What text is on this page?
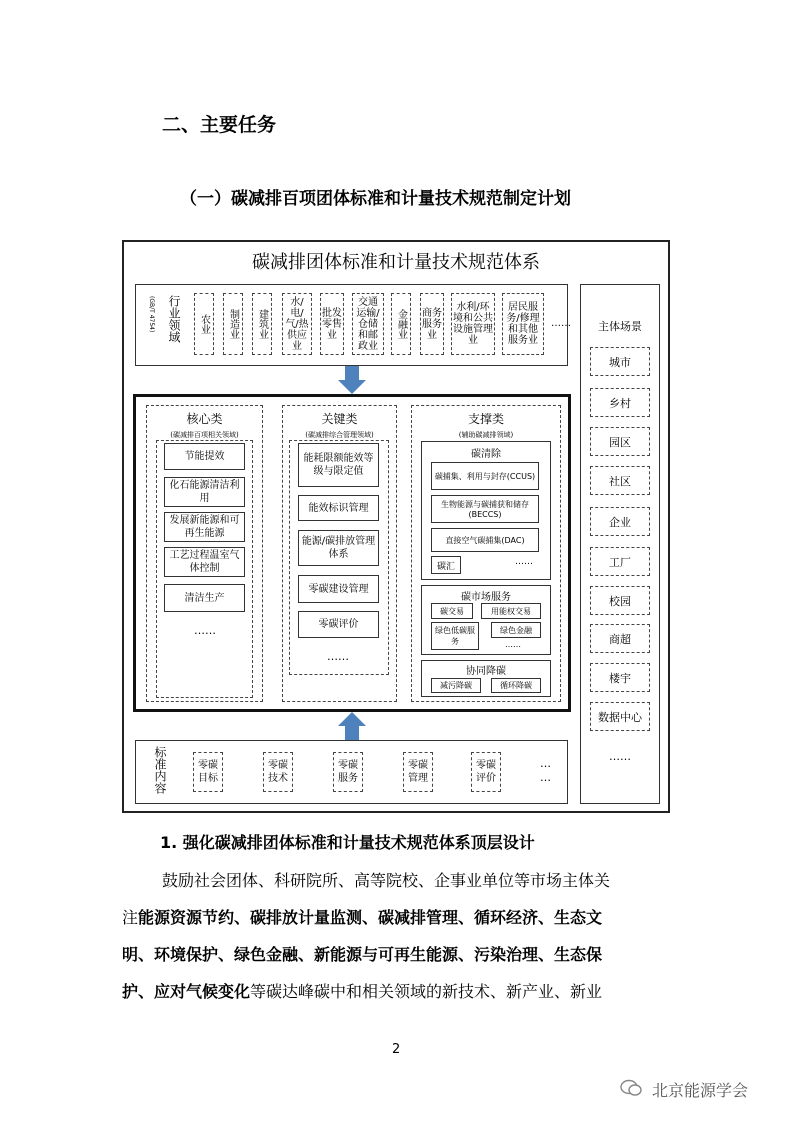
二、主要任务
（一）碳减排百项团体标准和计量技术规范制定计划
碳减排团体标准和计量技术规范体系
行业领域
(GB/T 4754)	农业	制造业	建筑业
水/电/气/热供应业
批发零售业
交通运输/仓储和邮政业
金融业	商务服务业
水利/环境和公共设施管理业
居民服务/修理和其他服务业
……
核心类
(碳减排百项相关领域)
节能提效
化石能源清洁利用
发展新能源和可再生能源
工艺过程温室气体控制
清洁生产
……
关键类
(碳减排综合管理领域)
能耗限额能效等级与限定值
能效标识管理
能源/碳排放管理体系
零碳建设管理
零碳评价
……
支撑类
(辅助碳减排领域)
碳清除
碳捕集、利用与封存(CCUS)
生物能源与碳捕获和储存(BECCS)
直接空气碳捕集(DAC)
碳汇	……
碳市场服务
碳交易	用能权交易
绿色低碳服务
绿色金融
……
协同降碳
减污降碳	循环降碳
标准内容	零碳目标
零碳技术
零碳服务
零碳管理
零碳评价
…
…
主体场景
城市
乡村
园区
社区
企业
工厂
校园
商超
楼宇
数据中心
……
1. 强化碳减排团体标准和计量技术规范体系顶层设计
鼓励社会团体、科研院所、高等院校、企事业单位等市场主体关
注能源资源节约、碳排放计量监测、碳减排管理、循环经济、生态文
明、环境保护、绿色金融、新能源与可再生能源、污染治理、生态保
护、应对气候变化等碳达峰碳中和相关领域的新技术、新产业、新业
2
北京能源学会
